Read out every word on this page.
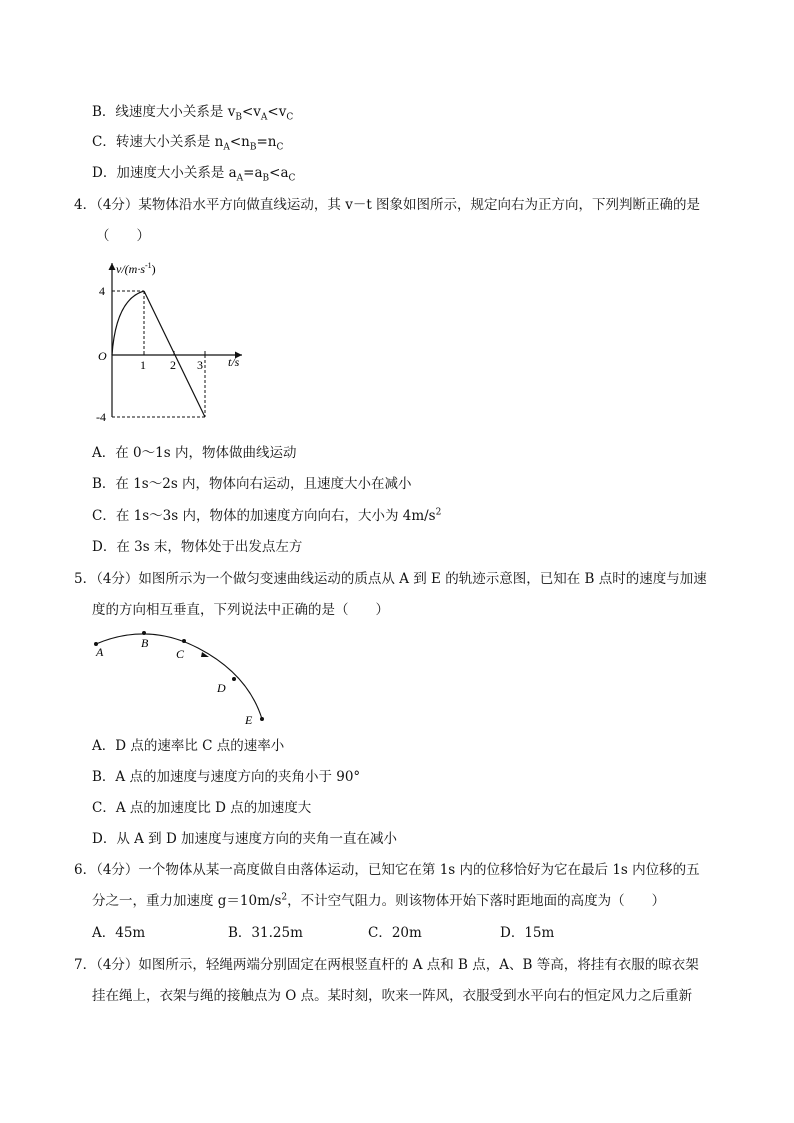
B．线速度大小关系是 $v_B<v_A<v_C$
C．转速大小关系是 $n_A<n_B=n_C$
D．加速度大小关系是 $a_A=a_B<a_C$
4．（4分）某物体沿水平方向做直线运动，其 v－t 图象如图所示，规定向右为正方向，下列判断正确的是
（　　）
$v/(m\cdot s^{-1})$
t/s
O
4
-4
1 2 3
A．在 0～1s 内，物体做曲线运动
B．在 1s～2s 内，物体向右运动，且速度大小在减小
C．在 1s～3s 内，物体的加速度方向向右，大小为 $4m/s^2$
D．在 3s 末，物体处于出发点左方
5．（4分）如图所示为一个做匀变速曲线运动的质点从 A 到 E 的轨迹示意图，已知在 B 点时的速度与加速
度的方向相互垂直，下列说法中正确的是（　　）
A
B
C
D
E
A．D 点的速率比 C 点的速率小
B．A 点的加速度与速度方向的夹角小于 90°
C．A 点的加速度比 D 点的加速度大
D．从 A 到 D 加速度与速度方向的夹角一直在减小
6．（4分）一个物体从某一高度做自由落体运动，已知它在第 1s 内的位移恰好为它在最后 1s 内位移的五
分之一，重力加速度 $g=10m/s^2$，不计空气阻力。则该物体开始下落时距地面的高度为（　　）
A．45m	B．31.25m	C．20m	D．15m
7．（4分）如图所示，轻绳两端分别固定在两根竖直杆的 A 点和 B 点，A、B 等高，将挂有衣服的晾衣架
挂在绳上，衣架与绳的接触点为 O 点。某时刻，吹来一阵风，衣服受到水平向右的恒定风力之后重新
